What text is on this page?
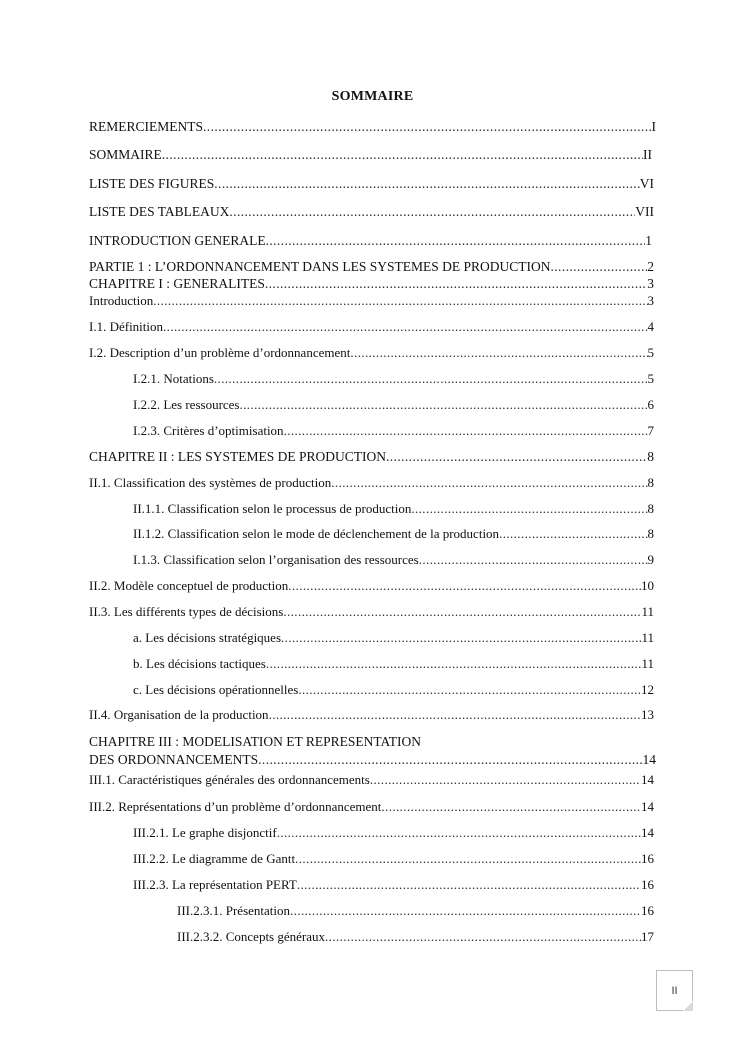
SOMMAIRE
REMERCIEMENTS .....	I
SOMMAIRE .....	II
LISTE DES FIGURES .....	VI
LISTE DES TABLEAUX .....	VII
INTRODUCTION GENERALE .....	1
PARTIE 1 : L’ORDONNANCEMENT DANS LES SYSTEMES DE PRODUCTION .....	2
CHAPITRE I : GENERALITES .....	3
Introduction .....	3
I.1. Définition .....	4
I.2. Description d’un problème d’ordonnancement .....	5
I.2.1. Notations .....	5
I.2.2. Les ressources .....	6
I.2.3. Critères d’optimisation .....	7
CHAPITRE II : LES SYSTEMES DE PRODUCTION .....	8
II.1. Classification des systèmes de production .....	8
II.1.1. Classification selon le processus de production .....	8
II.1.2. Classification selon le mode de déclenchement de la production .....	8
I.1.3. Classification selon l’organisation des ressources .....	9
II.2. Modèle conceptuel de production .....	10
II.3. Les différents types de décisions .....	11
a. Les décisions stratégiques .....	11
b. Les décisions tactiques .....	11
c. Les décisions opérationnelles .....	12
II.4. Organisation de la production .....	13
CHAPITRE III : MODELISATION ET REPRESENTATION
DES ORDONNANCEMENTS .....	14
III.1. Caractéristiques générales des ordonnancements .....	14
III.2. Représentations d’un problème d’ordonnancement .....	14
III.2.1. Le graphe disjonctif .....	14
III.2.2. Le diagramme de Gantt .....	16
III.2.3. La représentation PERT .....	16
III.2.3.1. Présentation .....	16
III.2.3.2. Concepts généraux .....	17
II
